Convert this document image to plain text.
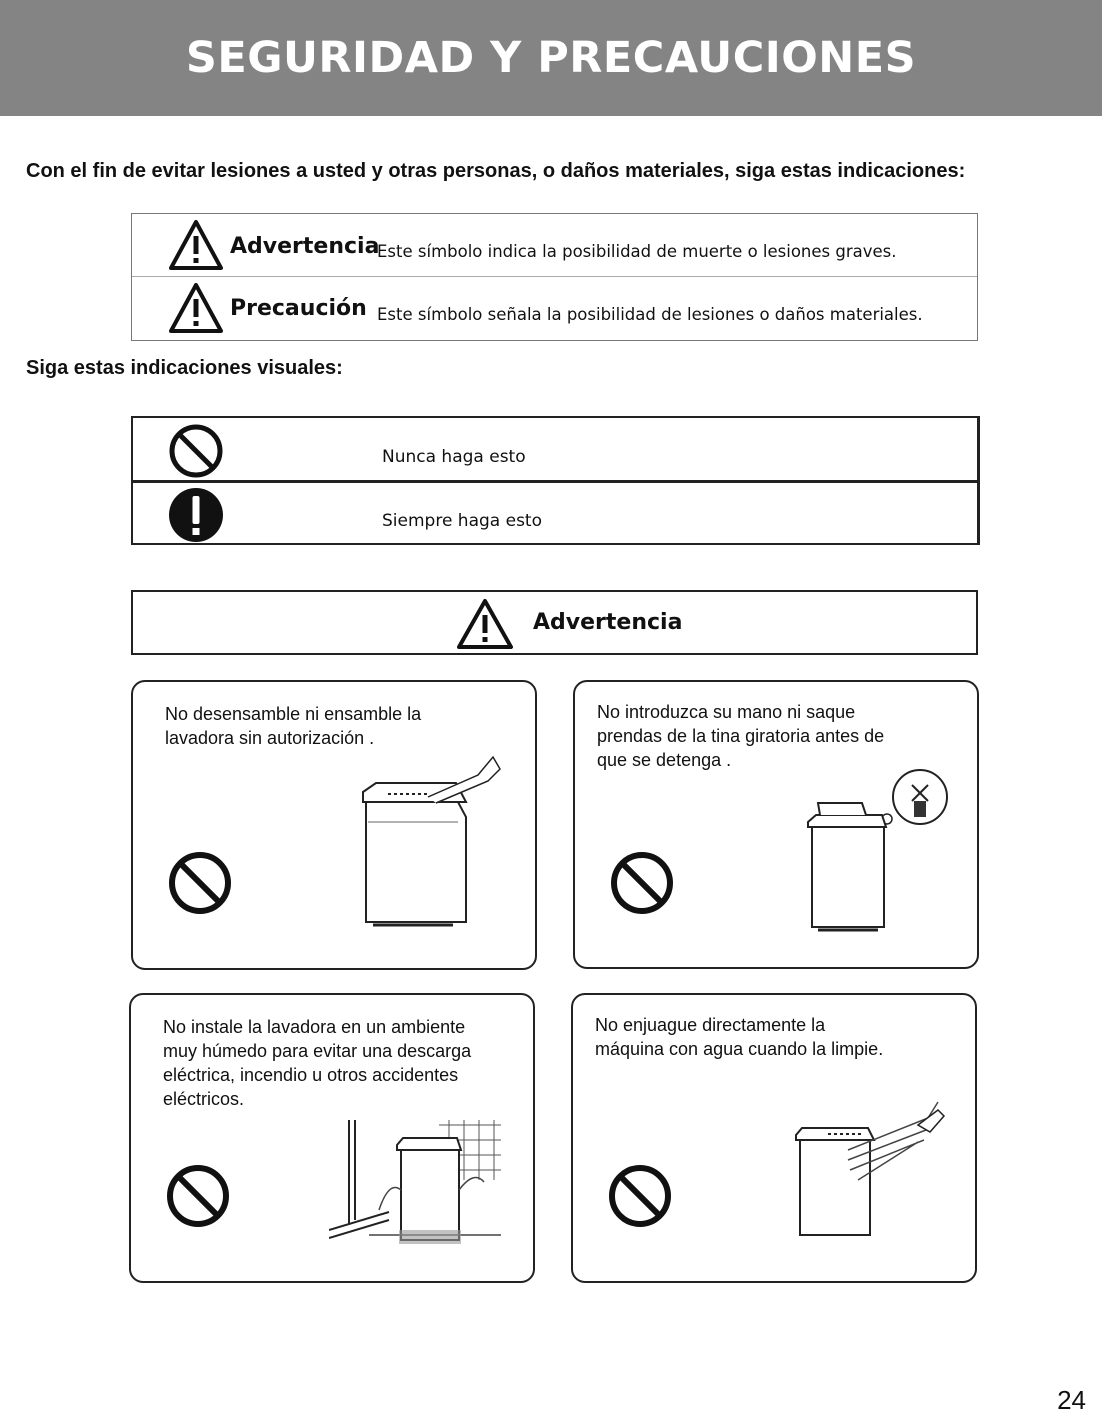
SEGURIDAD Y PRECAUCIONES
Con el fin de evitar lesiones a usted y otras personas, o daños materiales, siga estas indicaciones:
Advertencia
Este símbolo indica la posibilidad de muerte o lesiones graves.
Precaución Este símbolo señala la posibilidad de lesiones o daños materiales.
Siga estas indicaciones visuales:
Nunca haga esto
Siempre haga esto
Advertencia
No desensamble ni ensamble la
lavadora sin autorización .
No introduzca su mano ni saque
prendas de la tina giratoria antes de
que se detenga .
No instale la lavadora en un ambiente
muy húmedo para evitar una descarga
eléctrica, incendio u otros accidentes
eléctricos.
No enjuague directamente la
máquina con agua cuando la limpie.
24
